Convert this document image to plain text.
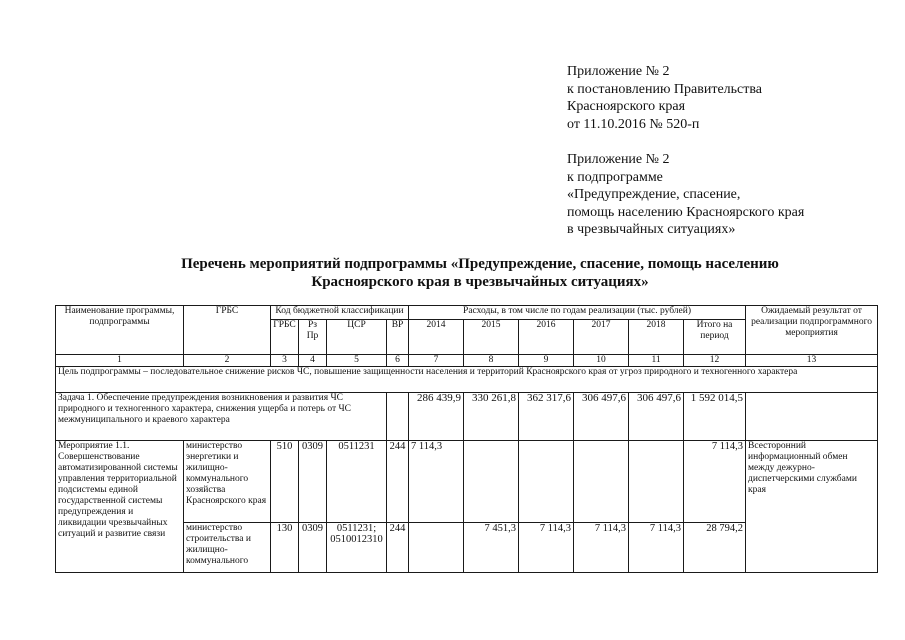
Приложение № 2
к постановлению Правительства
Красноярского края
от 11.10.2016 № 520-п
Приложение № 2
к подпрограмме
«Предупреждение, спасение,
помощь населению Красноярского края
в чрезвычайных ситуациях»
Перечень мероприятий подпрограммы «Предупреждение, спасение, помощь населению
Красноярского края в чрезвычайных ситуациях»
Наименование программы, подпрограммы	ГРБС	Код бюджетной классификации				Расходы, в том числе по годам реализации (тыс. рублей)						Ожидаемый результат от реализации подпрограммного мероприятия
		ГРБС	Рз Пр	ЦСР	ВР	2014	2015	2016	2017	2018	Итого на период	
1	2	3	4	5	6	7	8	9	10	11	12	13
Цель подпрограммы – последовательное снижение рисков ЧС, повышение защищенности населения и территорий Красноярского края от угроз природного и техногенного характера												
Задача 1. Обеспечение предупреждения возникновения и развития ЧС природного и техногенного характера, снижения ущерба и потерь от ЧС межмуниципального и краевого характера						286 439,9	330 261,8	362 317,6	306 497,6	306 497,6	1 592 014,5	
Мероприятие 1.1. Совершенствование автоматизированной системы управления территориальной подсистемы единой государственной системы предупреждения и ликвидации чрезвычайных ситуаций и развитие связи	министерство энергетики и жилищно-коммунального хозяйства Красноярского края	510	0309	0511231	244	7 114,3					7 114,3	Всесторонний информационный обмен между дежурно-диспетчерскими службами края
	министерство строительства и жилищно-коммунального	130	0309	0511231; 0510012310	244		7 451,3	7 114,3	7 114,3	7 114,3	28 794,2	
